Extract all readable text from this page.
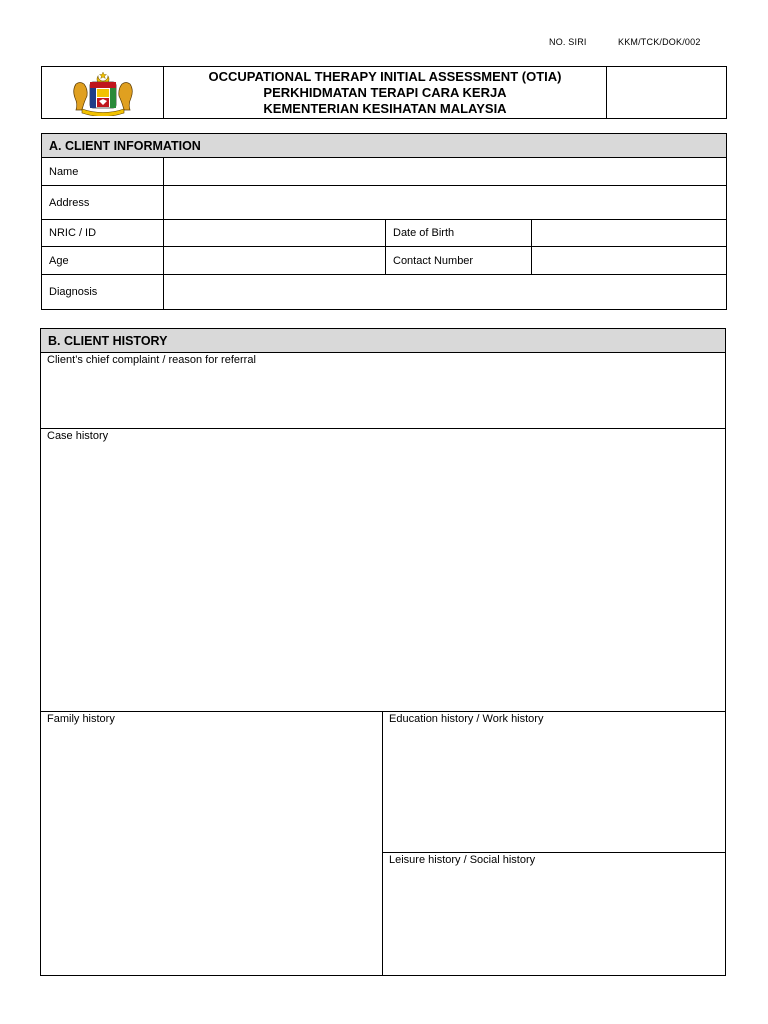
NO. SIRI	KKM/TCK/DOK/002
OCCUPATIONAL THERAPY INITIAL ASSESSMENT (OTIA)
PERKHIDMATAN TERAPI CARA KERJA
KEMENTERIAN KESIHATAN MALAYSIA
A. CLIENT INFORMATION
Name
Address
NRIC / ID	Date of Birth
Age	Contact Number
Diagnosis
B. CLIENT HISTORY
Client’s chief complaint / reason for referral
Case history
Family history	Education history / Work history
Leisure history / Social history
